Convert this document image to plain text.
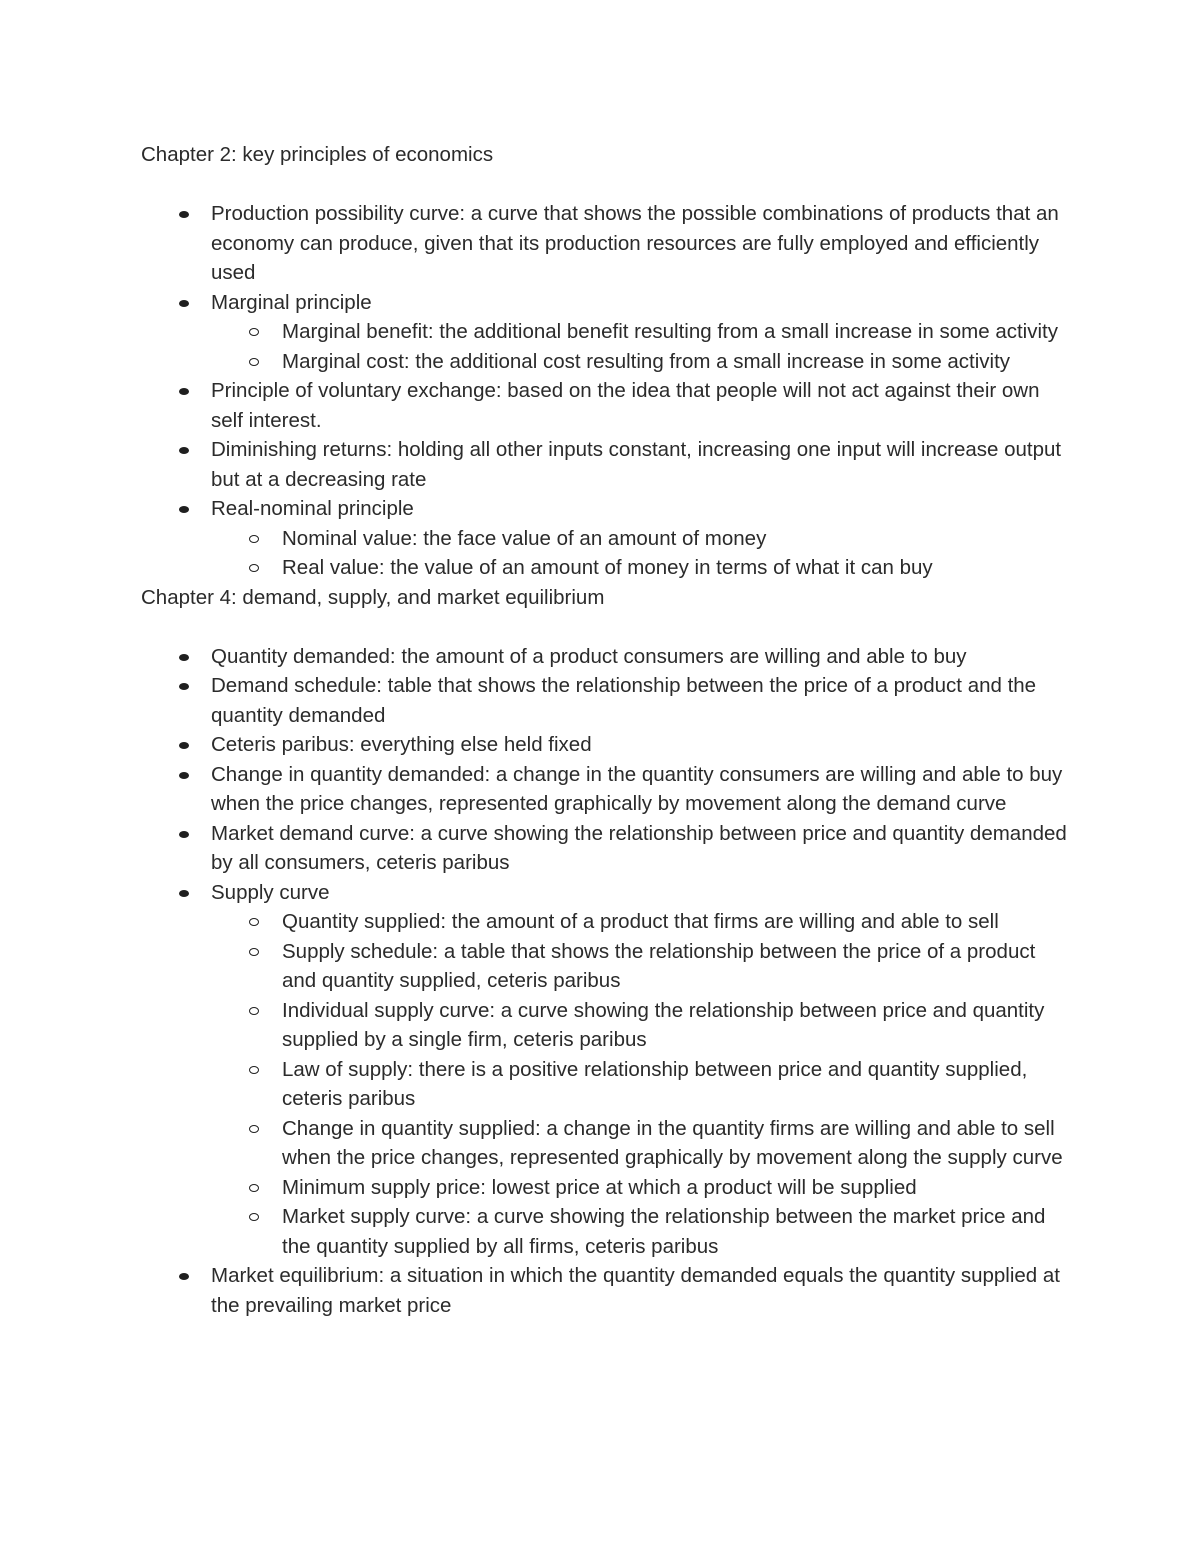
Chapter 2: key principles of economics
Production possibility curve: a curve that shows the possible combinations of products that an economy can produce, given that its production resources are fully employed and efficiently used
Marginal principle
Marginal benefit: the additional benefit resulting from a small increase in some activity
Marginal cost: the additional cost resulting from a small increase in some activity
Principle of voluntary exchange: based on the idea that people will not act against their own self interest.
Diminishing returns: holding all other inputs constant, increasing one input will increase output but at a decreasing rate
Real-nominal principle
Nominal value: the face value of an amount of money
Real value: the value of an amount of money in terms of what it can buy
Chapter 4: demand, supply, and market equilibrium
Quantity demanded: the amount of a product consumers are willing and able to buy
Demand schedule: table that shows the relationship between the price of a product and the quantity demanded
Ceteris paribus: everything else held fixed
Change in quantity demanded: a change in the quantity consumers are willing and able to buy when the price changes, represented graphically by movement along the demand curve
Market demand curve: a curve showing the relationship between price and quantity demanded by all consumers, ceteris paribus
Supply curve
Quantity supplied: the amount of a product that firms are willing and able to sell
Supply schedule: a table that shows the relationship between the price of a product and quantity supplied, ceteris paribus
Individual supply curve: a curve showing the relationship between price and quantity supplied by a single firm, ceteris paribus
Law of supply: there is a positive relationship between price and quantity supplied, ceteris paribus
Change in quantity supplied: a change in the quantity firms are willing and able to sell when the price changes, represented graphically by movement along the supply curve
Minimum supply price: lowest price at which a product will be supplied
Market supply curve: a curve showing the relationship between the market price and the quantity supplied by all firms, ceteris paribus
Market equilibrium: a situation in which the quantity demanded equals the quantity supplied at the prevailing market price
